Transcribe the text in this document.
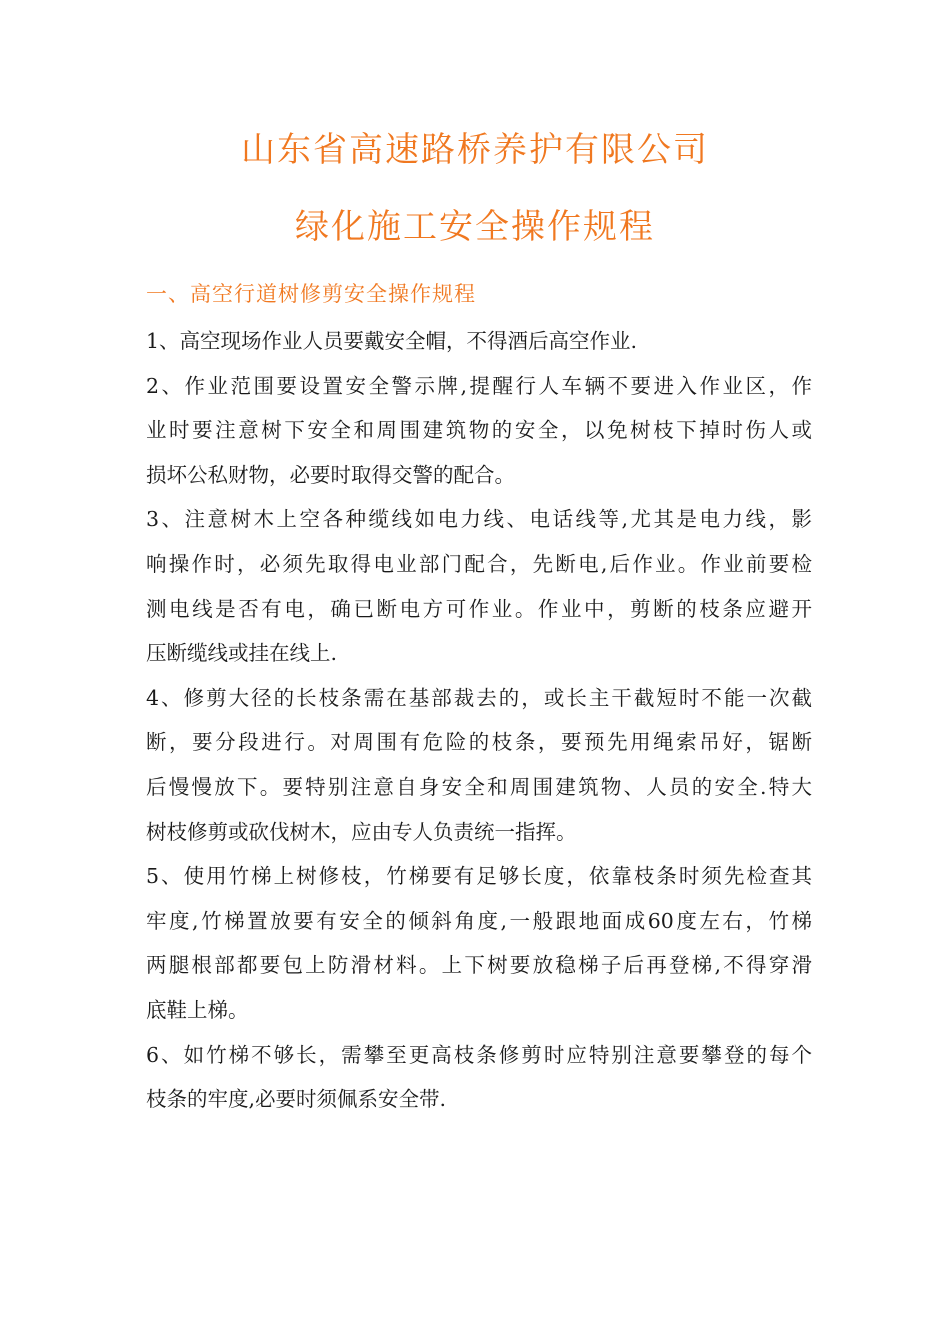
山东省高速路桥养护有限公司
绿化施工安全操作规程
一、高空行道树修剪安全操作规程
1、高空现场作业人员要戴安全帽，不得酒后高空作业.
2、作业范围要设置安全警示牌,提醒行人车辆不要进入作业区，作
业时要注意树下安全和周围建筑物的安全，以免树枝下掉时伤人或
损坏公私财物，必要时取得交警的配合。
3、注意树木上空各种缆线如电力线、电话线等,尤其是电力线，影
响操作时，必须先取得电业部门配合，先断电,后作业。作业前要检
测电线是否有电，确已断电方可作业。作业中，剪断的枝条应避开
压断缆线或挂在线上.
4、修剪大径的长枝条需在基部裁去的，或长主干截短时不能一次截
断，要分段进行。对周围有危险的枝条，要预先用绳索吊好，锯断
后慢慢放下。要特别注意自身安全和周围建筑物、人员的安全.特大
树枝修剪或砍伐树木，应由专人负责统一指挥。
5、使用竹梯上树修枝，竹梯要有足够长度，依靠枝条时须先检查其
牢度,竹梯置放要有安全的倾斜角度,一般跟地面成60度左右，竹梯
两腿根部都要包上防滑材料。上下树要放稳梯子后再登梯,不得穿滑
底鞋上梯。
6、如竹梯不够长，需攀至更高枝条修剪时应特别注意要攀登的每个
枝条的牢度,必要时须佩系安全带.
